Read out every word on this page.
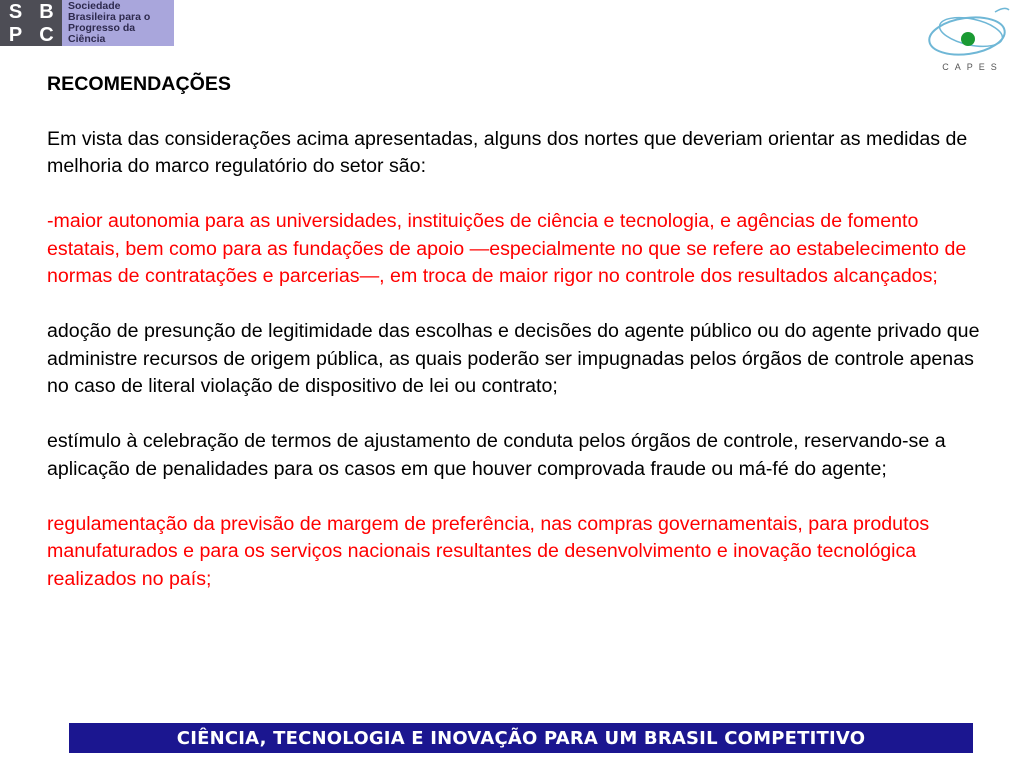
S B
P C
Sociedade
Brasileira para o
Progresso da
Ciência
CAPES
RECOMENDAÇÕES
Em vista das considerações acima apresentadas, alguns dos nortes que deveriam orientar as medidas de melhoria do marco regulatório do setor são:
-maior autonomia para as universidades, instituições de ciência e tecnologia, e agências de fomento estatais, bem como para as fundações de apoio —especialmente no que se refere ao estabelecimento de normas de contratações e parcerias—, em troca de maior rigor no controle dos resultados alcançados;
adoção de presunção de legitimidade das escolhas e decisões do agente público ou do agente privado que administre recursos de origem pública, as quais poderão ser impugnadas pelos órgãos de controle apenas no caso de literal violação de dispositivo de lei ou contrato;
estímulo à celebração de termos de ajustamento de conduta pelos órgãos de controle, reservando-se a aplicação de penalidades para os casos em que houver comprovada fraude ou má-fé do agente;
regulamentação da previsão de margem de preferência, nas compras governamentais, para produtos manufaturados e para os serviços nacionais resultantes de desenvolvimento e inovação tecnológica realizados no país;
CIÊNCIA, TECNOLOGIA E INOVAÇÃO PARA UM BRASIL COMPETITIVO
